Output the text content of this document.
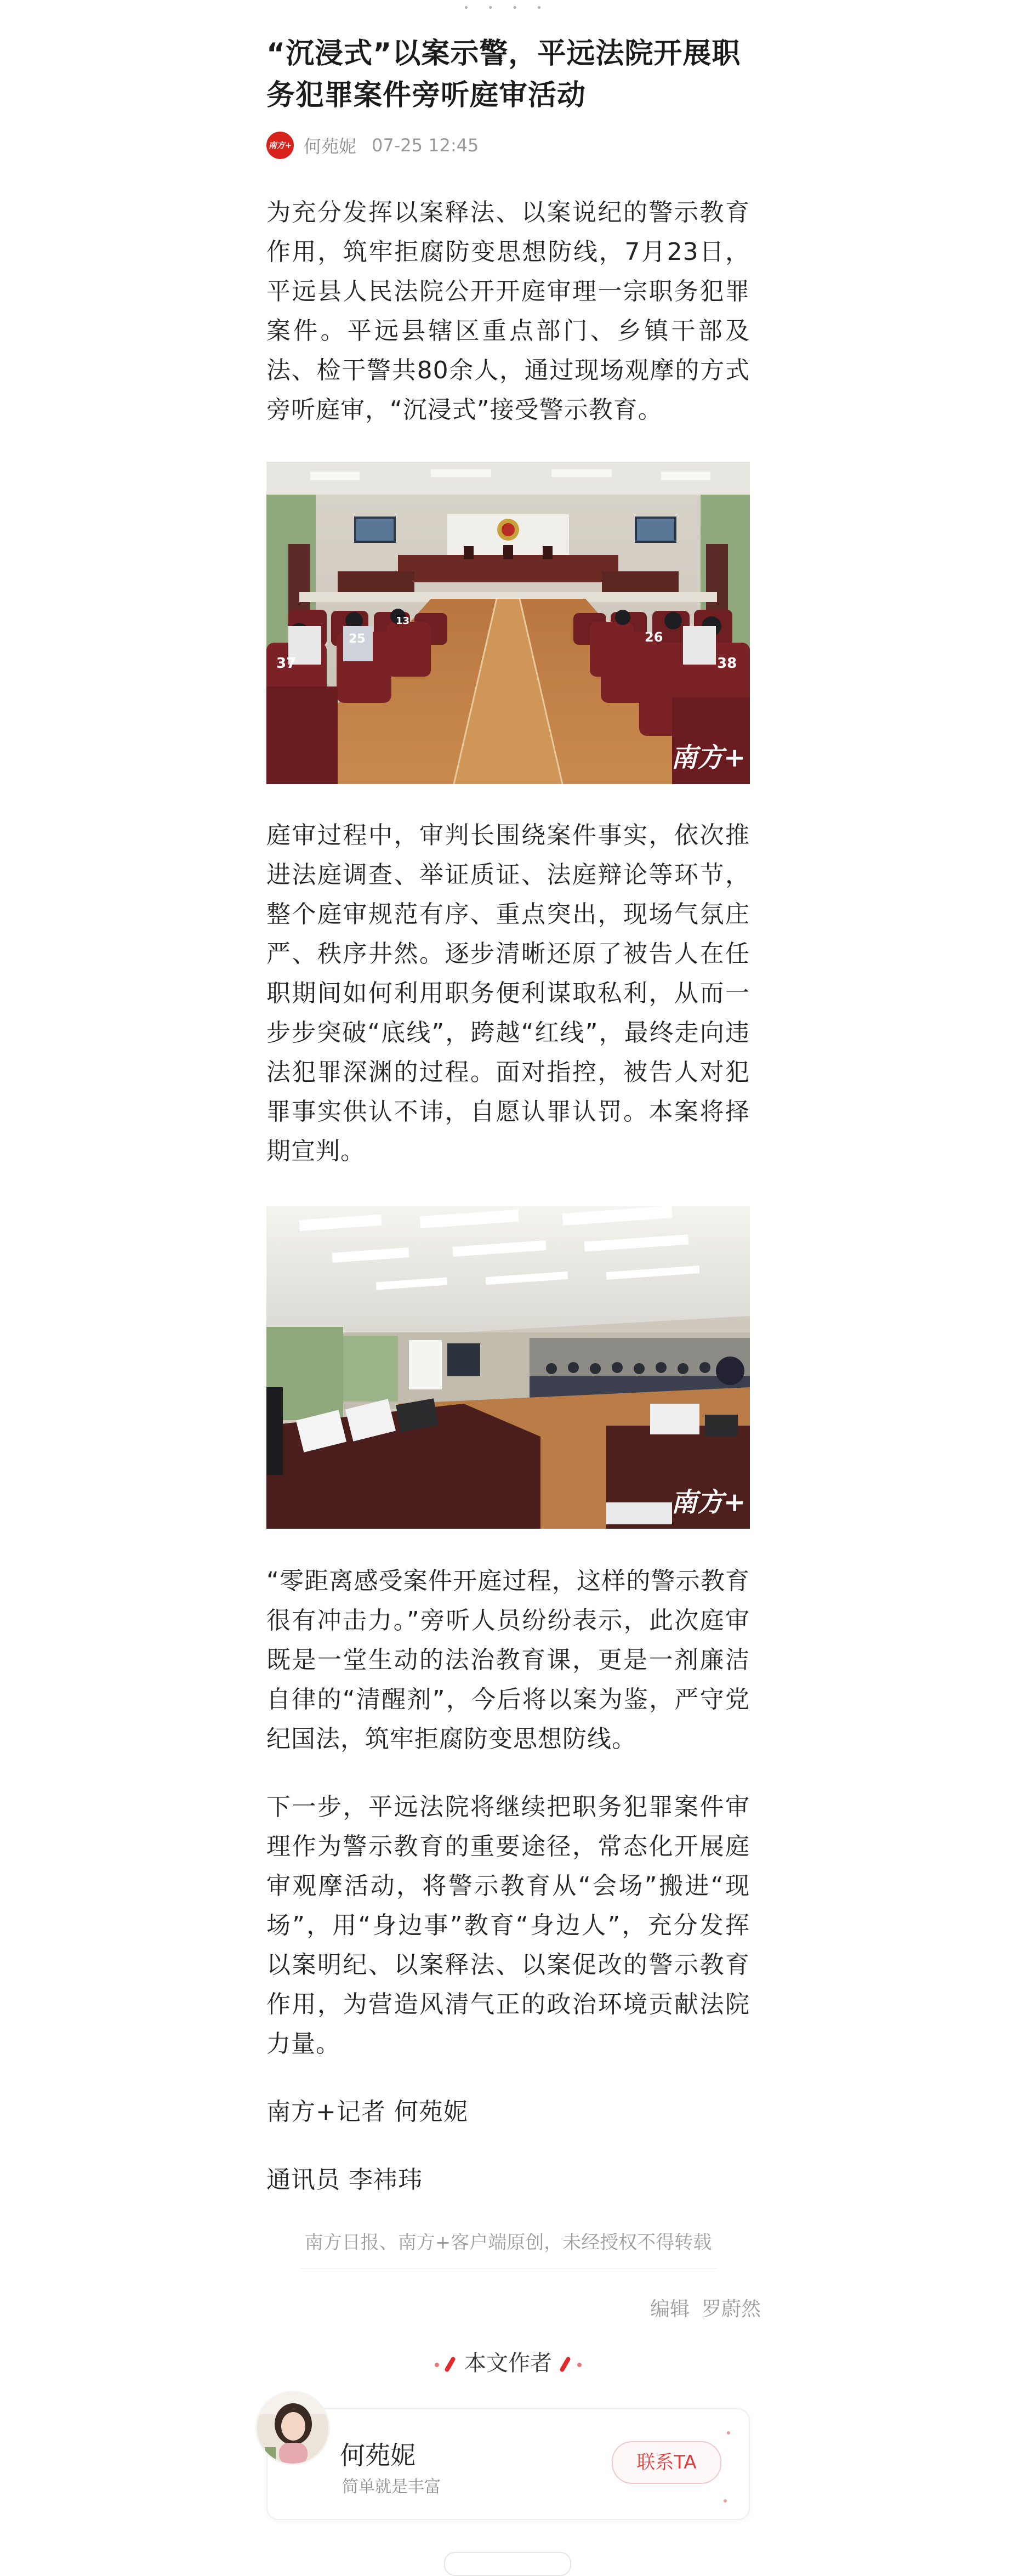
• • • •
“沉浸式”以案示警，平远法院开展职务犯罪案件旁听庭审活动
南方+ 何苑妮 07-25 12:45

为充分发挥以案释法、以案说纪的警示教育作用，筑牢拒腐防变思想防线，7月23日，平远县人民法院公开开庭审理一宗职务犯罪案件。平远县辖区重点部门、乡镇干部及法、检干警共80余人，通过现场观摩的方式旁听庭审，“沉浸式”接受警示教育。

37
25
13
26
38
南方+

庭审过程中，审判长围绕案件事实，依次推进法庭调查、举证质证、法庭辩论等环节，整个庭审规范有序、重点突出，现场气氛庄严、秩序井然。逐步清晰还原了被告人在任职期间如何利用职务便利谋取私利，从而一步步突破“底线”，跨越“红线”，最终走向违法犯罪深渊的过程。面对指控，被告人对犯罪事实供认不讳，自愿认罪认罚。本案将择期宣判。

南方+

“零距离感受案件开庭过程，这样的警示教育很有冲击力。”旁听人员纷纷表示，此次庭审既是一堂生动的法治教育课，更是一剂廉洁自律的“清醒剂”，今后将以案为鉴，严守党纪国法，筑牢拒腐防变思想防线。

下一步，平远法院将继续把职务犯罪案件审理作为警示教育的重要途径，常态化开展庭审观摩活动，将警示教育从“会场”搬进“现场”，用“身边事”教育“身边人”，充分发挥以案明纪、以案释法、以案促改的警示教育作用，为营造风清气正的政治环境贡献法院力量。

南方+记者 何苑妮

通讯员 李祎玮

南方日报、南方+客户端原创，未经授权不得转载
编辑 罗蔚然
本文作者
何苑妮
简单就是丰富
联系TA
